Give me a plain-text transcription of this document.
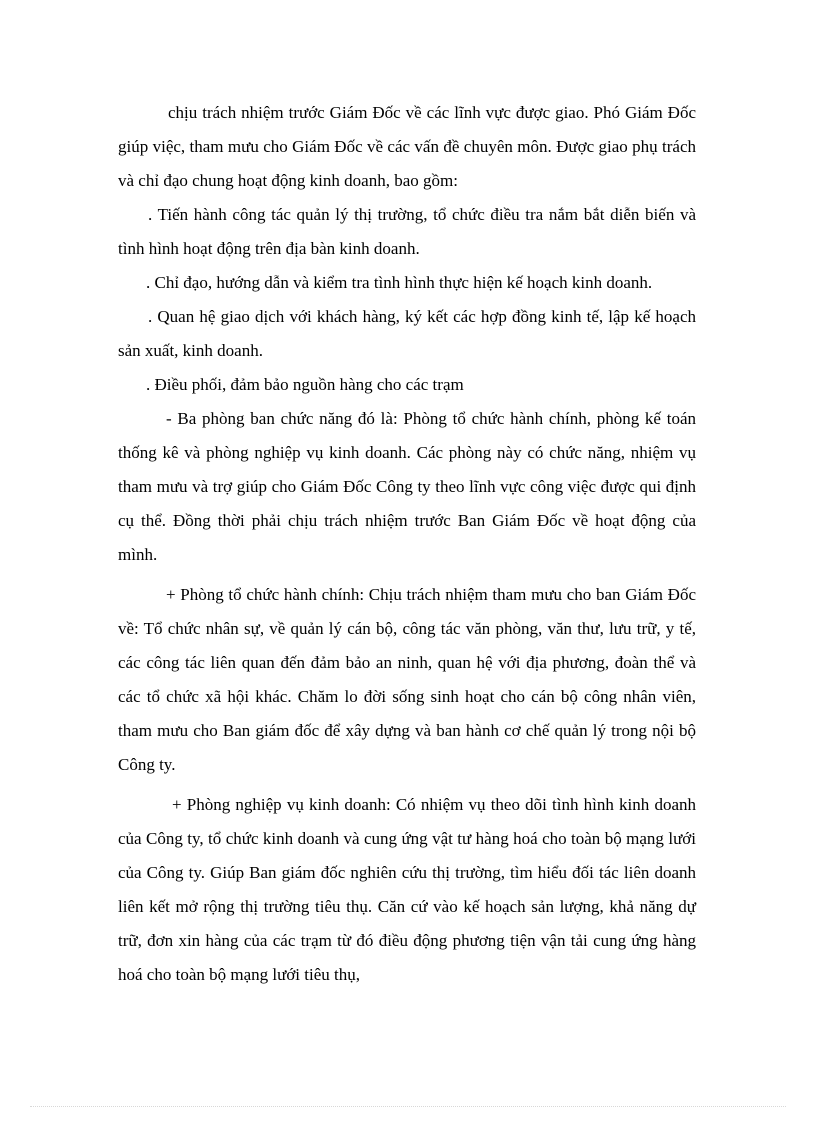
chịu trách nhiệm trước Giám Đốc về các lĩnh vực được giao. Phó Giám Đốc giúp việc, tham mưu cho Giám Đốc về các vấn đề chuyên môn. Được giao phụ trách và chỉ đạo chung hoạt động kinh doanh, bao gồm:

. Tiến hành công tác quản lý thị trường, tổ chức điều tra nắm bắt diễn biến và tình hình hoạt động trên địa bàn kinh doanh.

. Chỉ đạo, hướng dẫn và kiểm tra tình hình thực hiện kế hoạch kinh doanh.

. Quan hệ giao dịch với khách hàng, ký kết các hợp đồng kinh tế, lập kế hoạch sản xuất, kinh doanh.

. Điều phối, đảm bảo nguồn hàng cho các trạm

- Ba phòng ban chức năng đó là: Phòng tổ chức hành chính, phòng kế toán thống kê và phòng nghiệp vụ kinh doanh. Các phòng này có chức năng, nhiệm vụ tham mưu và trợ giúp cho Giám Đốc Công ty theo lĩnh vực công việc được qui định cụ thể. Đồng thời phải chịu trách nhiệm trước Ban Giám Đốc về hoạt động của mình.

+ Phòng tổ chức hành chính: Chịu trách nhiệm tham mưu cho ban Giám Đốc về: Tổ chức nhân sự, về quản lý cán bộ, công tác văn phòng, văn thư, lưu trữ, y tế, các công tác liên quan đến đảm bảo an ninh, quan hệ với địa phương, đoàn thể và các tổ chức xã hội khác. Chăm lo đời sống sinh hoạt cho cán bộ công nhân viên, tham mưu cho Ban giám đốc để xây dựng và ban hành cơ chế quản lý trong nội bộ Công ty.

+ Phòng nghiệp vụ kinh doanh: Có nhiệm vụ theo dõi tình hình kinh doanh của Công ty, tổ chức kinh doanh và cung ứng vật tư hàng hoá cho toàn bộ mạng lưới của Công ty. Giúp Ban giám đốc nghiên cứu thị trường, tìm hiểu đối tác liên doanh liên kết mở rộng thị trường tiêu thụ. Căn cứ vào kế hoạch sản lượng, khả năng dự trữ, đơn xin hàng của các trạm từ đó điều động phương tiện vận tải cung ứng hàng hoá cho toàn bộ mạng lưới tiêu thụ,
